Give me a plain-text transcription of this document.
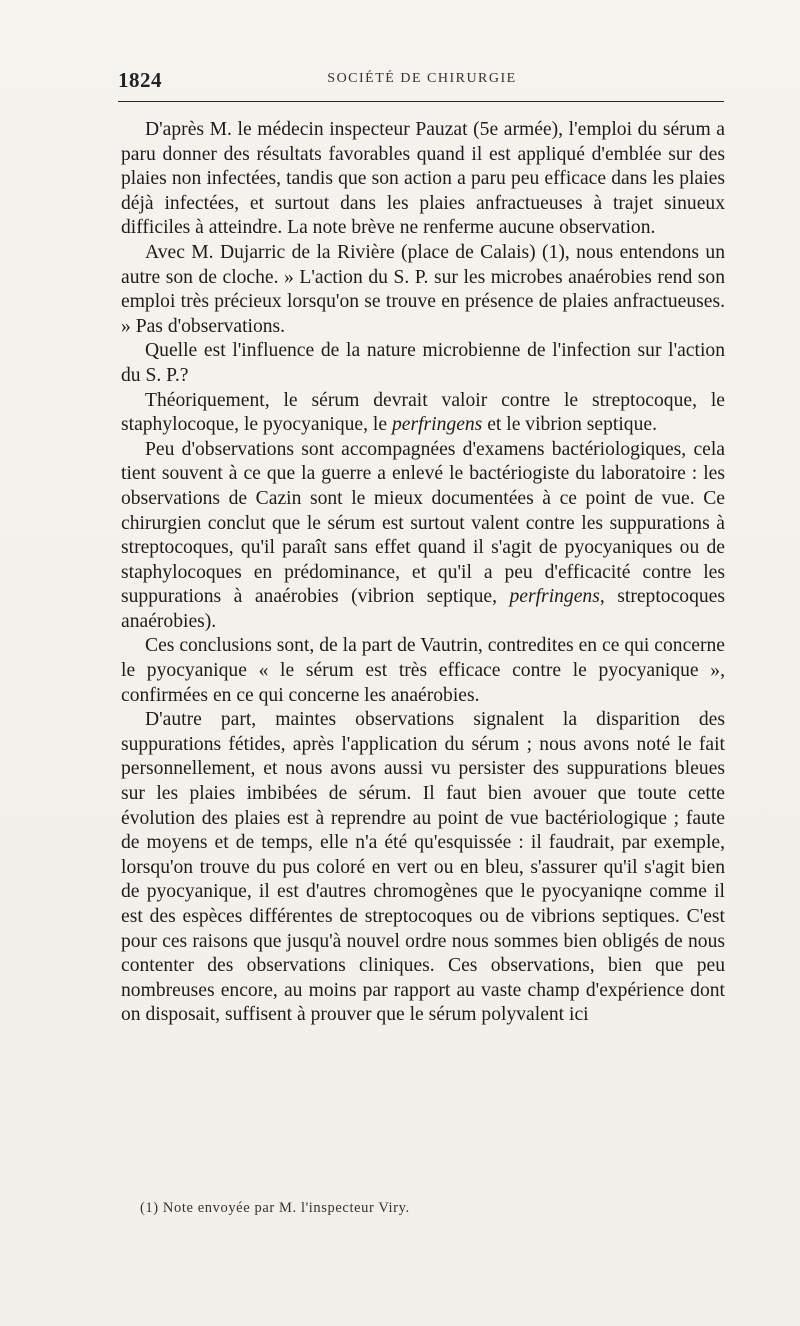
1824	SOCIÉTÉ DE CHIRURGIE

D'après M. le médecin inspecteur Pauzat (5e armée), l'emploi du sérum a paru donner des résultats favorables quand il est appliqué d'emblée sur des plaies non infectées, tandis que son action a paru peu efficace dans les plaies déjà infectées, et surtout dans les plaies anfractueuses à trajet sinueux difficiles à atteindre. La note brève ne renferme aucune observation.

Avec M. Dujarric de la Rivière (place de Calais) (1), nous entendons un autre son de cloche. » L'action du S. P. sur les microbes anaérobies rend son emploi très précieux lorsqu'on se trouve en présence de plaies anfractueuses. » Pas d'observations.

Quelle est l'influence de la nature microbienne de l'infection sur l'action du S. P.?

Théoriquement, le sérum devrait valoir contre le streptocoque, le staphylocoque, le pyocyanique, le perfringens et le vibrion septique.

Peu d'observations sont accompagnées d'examens bactériologiques, cela tient souvent à ce que la guerre a enlevé le bactériogiste du laboratoire : les observations de Cazin sont le mieux documentées à ce point de vue. Ce chirurgien conclut que le sérum est surtout valent contre les suppurations à streptocoques, qu'il paraît sans effet quand il s'agit de pyocyaniques ou de staphylocoques en prédominance, et qu'il a peu d'efficacité contre les suppurations à anaérobies (vibrion septique, perfringens, streptocoques anaérobies).

Ces conclusions sont, de la part de Vautrin, contredites en ce qui concerne le pyocyanique « le sérum est très efficace contre le pyocyanique », confirmées en ce qui concerne les anaérobies.

D'autre part, maintes observations signalent la disparition des suppurations fétides, après l'application du sérum ; nous avons noté le fait personnellement, et nous avons aussi vu persister des suppurations bleues sur les plaies imbibées de sérum. Il faut bien avouer que toute cette évolution des plaies est à reprendre au point de vue bactériologique ; faute de moyens et de temps, elle n'a été qu'esquissée : il faudrait, par exemple, lorsqu'on trouve du pus coloré en vert ou en bleu, s'assurer qu'il s'agit bien de pyocyanique, il est d'autres chromogènes que le pyocyaniqne comme il est des espèces différentes de streptocoques ou de vibrions septiques. C'est pour ces raisons que jusqu'à nouvel ordre nous sommes bien obligés de nous contenter des observations cliniques. Ces observations, bien que peu nombreuses encore, au moins par rapport au vaste champ d'expérience dont on disposait, suffisent à prouver que le sérum polyvalent ici

(1) Note envoyée par M. l'inspecteur Viry.
